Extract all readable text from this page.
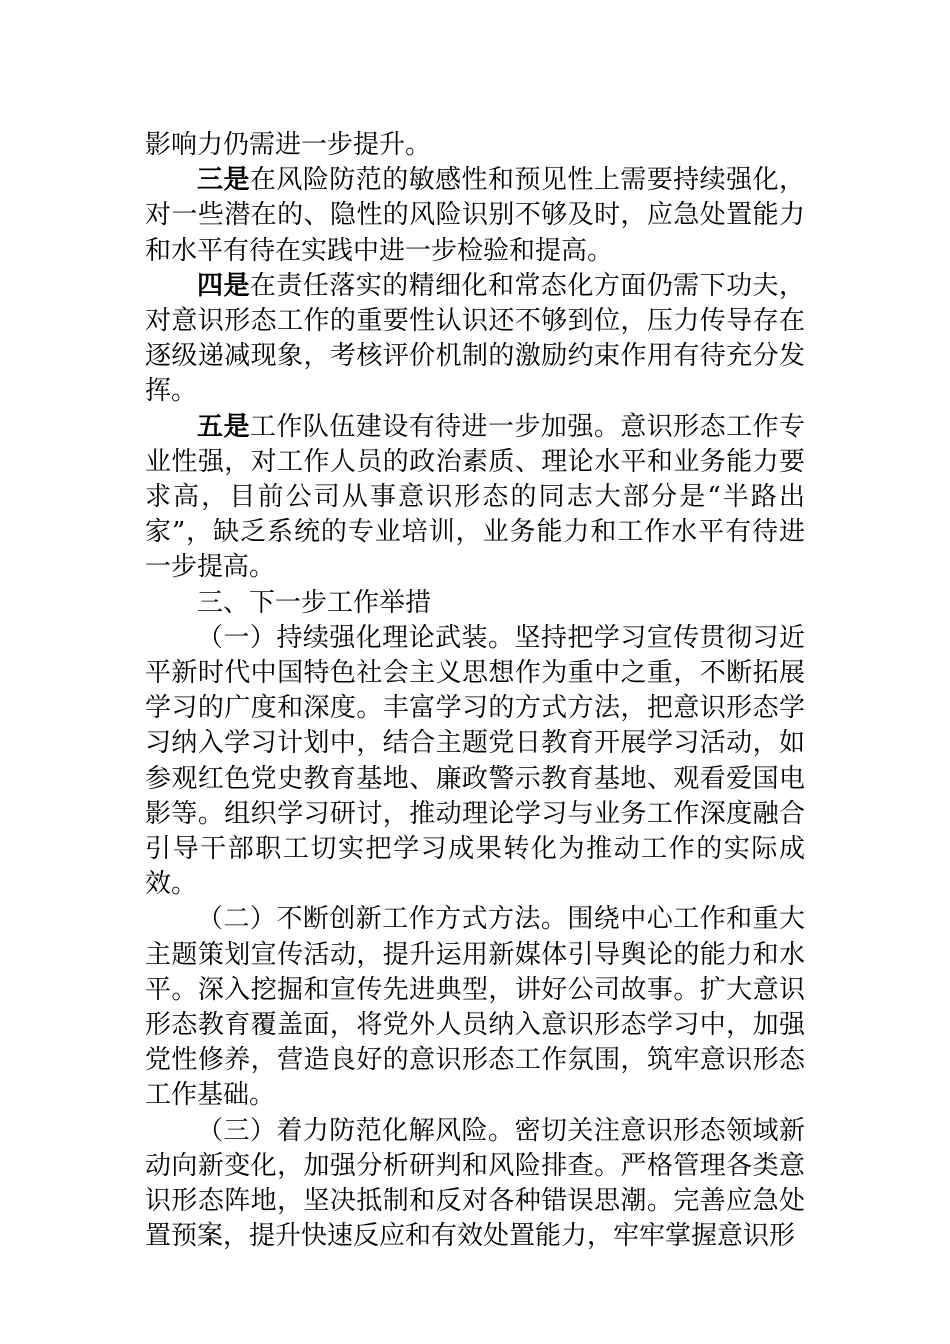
影响力仍需进一步提升。

三是在风险防范的敏感性和预见性上需要持续强化，对一些潜在的、隐性的风险识别不够及时，应急处置能力和水平有待在实践中进一步检验和提高。

四是在责任落实的精细化和常态化方面仍需下功夫，对意识形态工作的重要性认识还不够到位，压力传导存在逐级递减现象，考核评价机制的激励约束作用有待充分发挥。

五是工作队伍建设有待进一步加强。意识形态工作专业性强，对工作人员的政治素质、理论水平和业务能力要求高，目前公司从事意识形态的同志大部分是“半路出家”，缺乏系统的专业培训，业务能力和工作水平有待进一步提高。

三、下一步工作举措

（一）持续强化理论武装。坚持把学习宣传贯彻习近平新时代中国特色社会主义思想作为重中之重，不断拓展学习的广度和深度。丰富学习的方式方法，把意识形态学习纳入学习计划中，结合主题党日教育开展学习活动，如参观红色党史教育基地、廉政警示教育基地、观看爱国电影等。组织学习研讨，推动理论学习与业务工作深度融合引导干部职工切实把学习成果转化为推动工作的实际成效。

（二）不断创新工作方式方法。围绕中心工作和重大主题策划宣传活动，提升运用新媒体引导舆论的能力和水平。深入挖掘和宣传先进典型，讲好公司故事。扩大意识形态教育覆盖面，将党外人员纳入意识形态学习中，加强党性修养，营造良好的意识形态工作氛围，筑牢意识形态工作基础。

（三）着力防范化解风险。密切关注意识形态领域新动向新变化，加强分析研判和风险排查。严格管理各类意识形态阵地，坚决抵制和反对各种错误思潮。完善应急处置预案，提升快速反应和有效处置能力，牢牢掌握意识形
